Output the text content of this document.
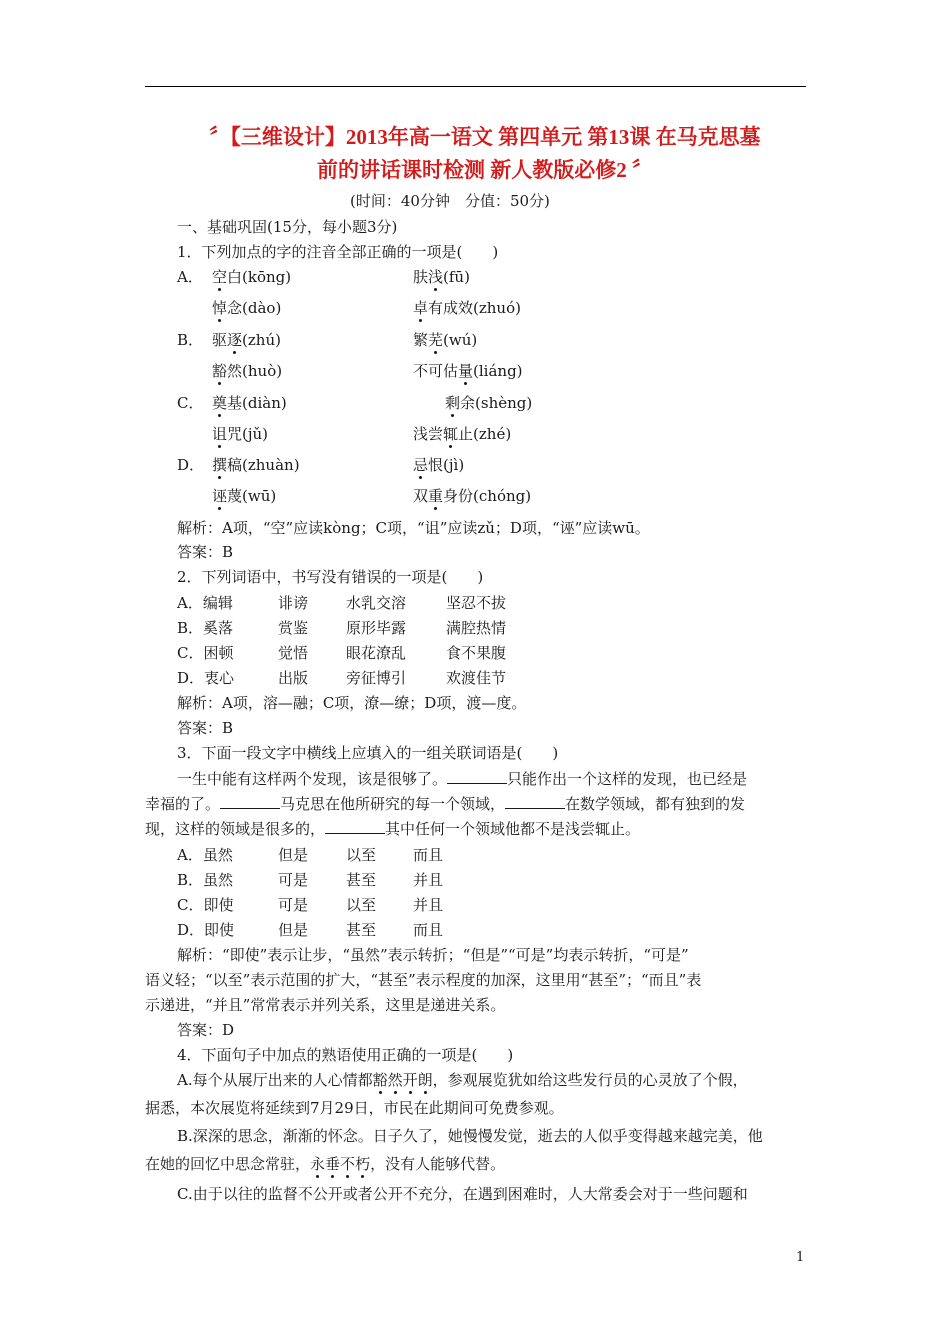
〞【三维设计】2013年高一语文 第四单元 第13课 在马克思墓
前的讲话课时检测 新人教版必修2 〞
(时间：40分钟　分值：50分)
一、基础巩固(15分，每小题3分)
1．下列加点的字的注音全部正确的一项是(　　)
A． 空白(kōng)	肤浅(fū)
悼念(dào)	卓有成效(zhuó)
B． 驱逐(zhú)	繁芜(wú)
豁然(huò)	不可估量(liáng)
C． 奠基(diàn)	剩余(shèng)
诅咒(jǔ)	浅尝辄止(zhé)
D． 撰稿(zhuàn)	忌恨(jì)
诬蔑(wū)	双重身份(chóng)
解析：A项，“空”应读kòng；C项，“诅”应读zǔ；D项，“诬”应读wū。
答案：B
2．下列词语中，书写没有错误的一项是(　　)
A．编辑	诽谤	水乳交溶	坚忍不拔
B．奚落	赏鉴	原形毕露	满腔热情
C．困顿	觉悟	眼花潦乱	食不果腹
D．衷心	出版	旁征博引	欢渡佳节
解析：A项，溶—融；C项，潦—缭；D项，渡—度。
答案：B
3．下面一段文字中横线上应填入的一组关联词语是(　　)
一生中能有这样两个发现，该是很够了。	只能作出一个这样的发现，也已经是
幸福的了。	马克思在他所研究的每一个领域，	在数学领域，都有独到的发
现，这样的领域是很多的，	其中任何一个领域他都不是浅尝辄止。
A．虽然	但是	以至 而且
B．虽然	可是	甚至 并且
C．即使	可是	以至 并且
D．即使	但是	甚至 而且
解析：“即使”表示让步，“虽然”表示转折；“但是”“可是”均表示转折，“可是”
语义轻；“以至”表示范围的扩大，“甚至”表示程度的加深，这里用“甚至”；“而且”表
示递进，“并且”常常表示并列关系，这里是递进关系。
答案：D
4．下面句子中加点的熟语使用正确的一项是(　　)
A.每个从展厅出来的人心情都豁然开朗，参观展览犹如给这些发行员的心灵放了个假，
据悉，本次展览将延续到7月29日，市民在此期间可免费参观。
B.深深的思念，渐渐的怀念。日子久了，她慢慢发觉，逝去的人似乎变得越来越完美，他
在她的回忆中思念常驻，永垂不朽，没有人能够代替。
C.由于以往的监督不公开或者公开不充分，在遇到困难时，人大常委会对于一些问题和
1
